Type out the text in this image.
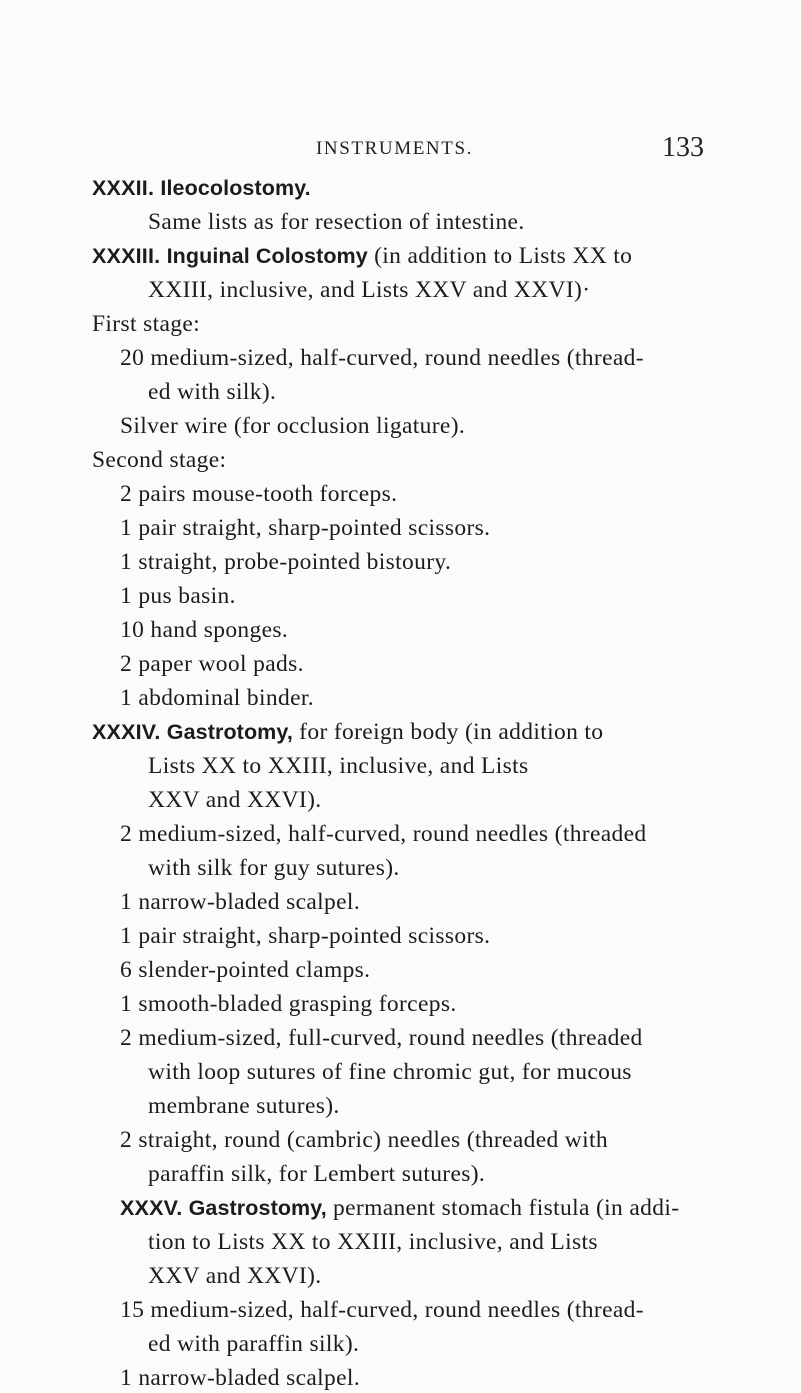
INSTRUMENTS.	133
XXXII. Ileocolostomy.
Same lists as for resection of intestine.
XXXIII. Inguinal Colostomy (in addition to Lists XX to
XXIII, inclusive, and Lists XXV and XXVI)·
First stage:
20 medium-sized, half-curved, round needles (thread-
ed with silk).
Silver wire (for occlusion ligature).
Second stage:
2 pairs mouse-tooth forceps.
1 pair straight, sharp-pointed scissors.
1 straight, probe-pointed bistoury.
1 pus basin.
10 hand sponges.
2 paper wool pads.
1 abdominal binder.
XXXIV. Gastrotomy, for foreign body (in addition to
Lists XX to XXIII, inclusive, and Lists
XXV and XXVI).
2 medium-sized, half-curved, round needles (threaded
with silk for guy sutures).
1 narrow-bladed scalpel.
1 pair straight, sharp-pointed scissors.
6 slender-pointed clamps.
1 smooth-bladed grasping forceps.
2 medium-sized, full-curved, round needles (threaded
with loop sutures of fine chromic gut, for mucous
membrane sutures).
2 straight, round (cambric) needles (threaded with
paraffin silk, for Lembert sutures).
XXXV. Gastrostomy, permanent stomach fistula (in addi-
tion to Lists XX to XXIII, inclusive, and Lists
XXV and XXVI).
15 medium-sized, half-curved, round needles (thread-
ed with paraffin silk).
1 narrow-bladed scalpel.
